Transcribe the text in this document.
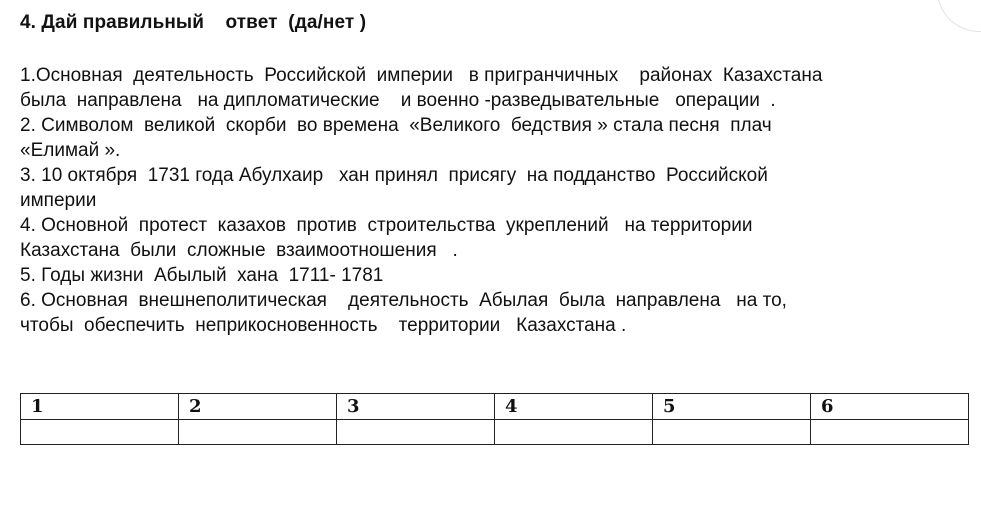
4. Дай правильный    ответ  (да/нет )
1.Основная  деятельность  Российской  империи   в пригранчичных    районах  Казахстана
была  направлена   на дипломатические    и военно -разведывательные   операции  .
2. Символом  великой  скорби  во времена  «Великого  бедствия » стала песня  плач
«Елимай ».
3. 10 октября  1731 года Абулхаир   хан принял  присягу  на подданство  Российской
империи
4. Основной  протест  казахов  против  строительства  укреплений   на территории
Казахстана  были  сложные  взаимоотношения   .
5. Годы жизни  Абылый  хана  1711- 1781
6. Основная  внешнеполитическая    деятельность  Абылая  была  направлена   на то,
чтобы  обеспечить  неприкосновенность    территории   Казахстана .
1	2	3	4	5	6
